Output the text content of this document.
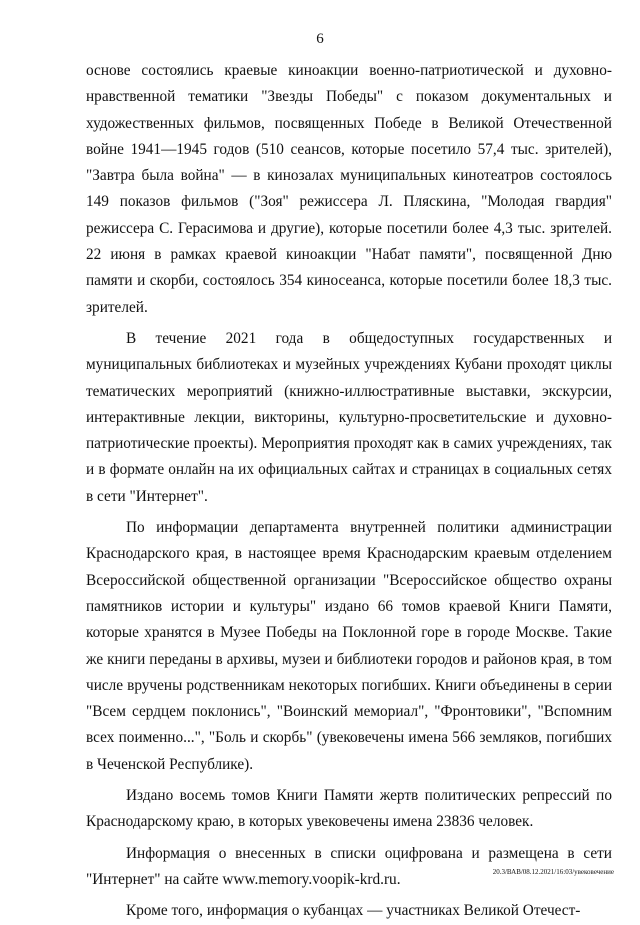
6

основе состоялись краевые киноакции военно-патриотической и духовно-нравственной тематики "Звезды Победы" с показом документальных и художественных фильмов, посвященных Победе в Великой Отечественной войне 1941—1945 годов (510 сеансов, которые посетило 57,4 тыс. зрителей), "Завтра была война" — в кинозалах муниципальных кинотеатров состоялось 149 показов фильмов ("Зоя" режиссера Л. Пляскина, "Молодая гвардия" режиссера С. Герасимова и другие), которые посетили более 4,3 тыс. зрителей. 22 июня в рамках краевой киноакции "Набат памяти", посвященной Дню памяти и скорби, состоялось 354 киносеанса, которые посетили более 18,3 тыс. зрителей.

В течение 2021 года в общедоступных государственных и муниципальных библиотеках и музейных учреждениях Кубани проходят циклы тематических мероприятий (книжно-иллюстративные выставки, экскурсии, интерактивные лекции, викторины, культурно-просветительские и духовно-патриотические проекты). Мероприятия проходят как в самих учреждениях, так и в формате онлайн на их официальных сайтах и страницах в социальных сетях в сети "Интернет".

По информации департамента внутренней политики администрации Краснодарского края, в настоящее время Краснодарским краевым отделением Всероссийской общественной организации "Всероссийское общество охраны памятников истории и культуры" издано 66 томов краевой Книги Памяти, которые хранятся в Музее Победы на Поклонной горе в городе Москве. Такие же книги переданы в архивы, музеи и библиотеки городов и районов края, в том числе вручены родственникам некоторых погибших. Книги объединены в серии "Всем сердцем поклонись", "Воинский мемориал", "Фронтовики", "Вспомним всех поименно...", "Боль и скорбь" (увековечены имена 566 земляков, погибших в Чеченской Республике).

Издано восемь томов Книги Памяти жертв политических репрессий по Краснодарскому краю, в которых увековечены имена 23836 человек.

Информация о внесенных в списки оцифрована и размещена в сети "Интернет" на сайте www.memory.voopik-krd.ru.

Кроме того, информация о кубанцах — участниках Великой Отечест-

20.3/ВАВ/08.12.2021/16:03/увековечение
